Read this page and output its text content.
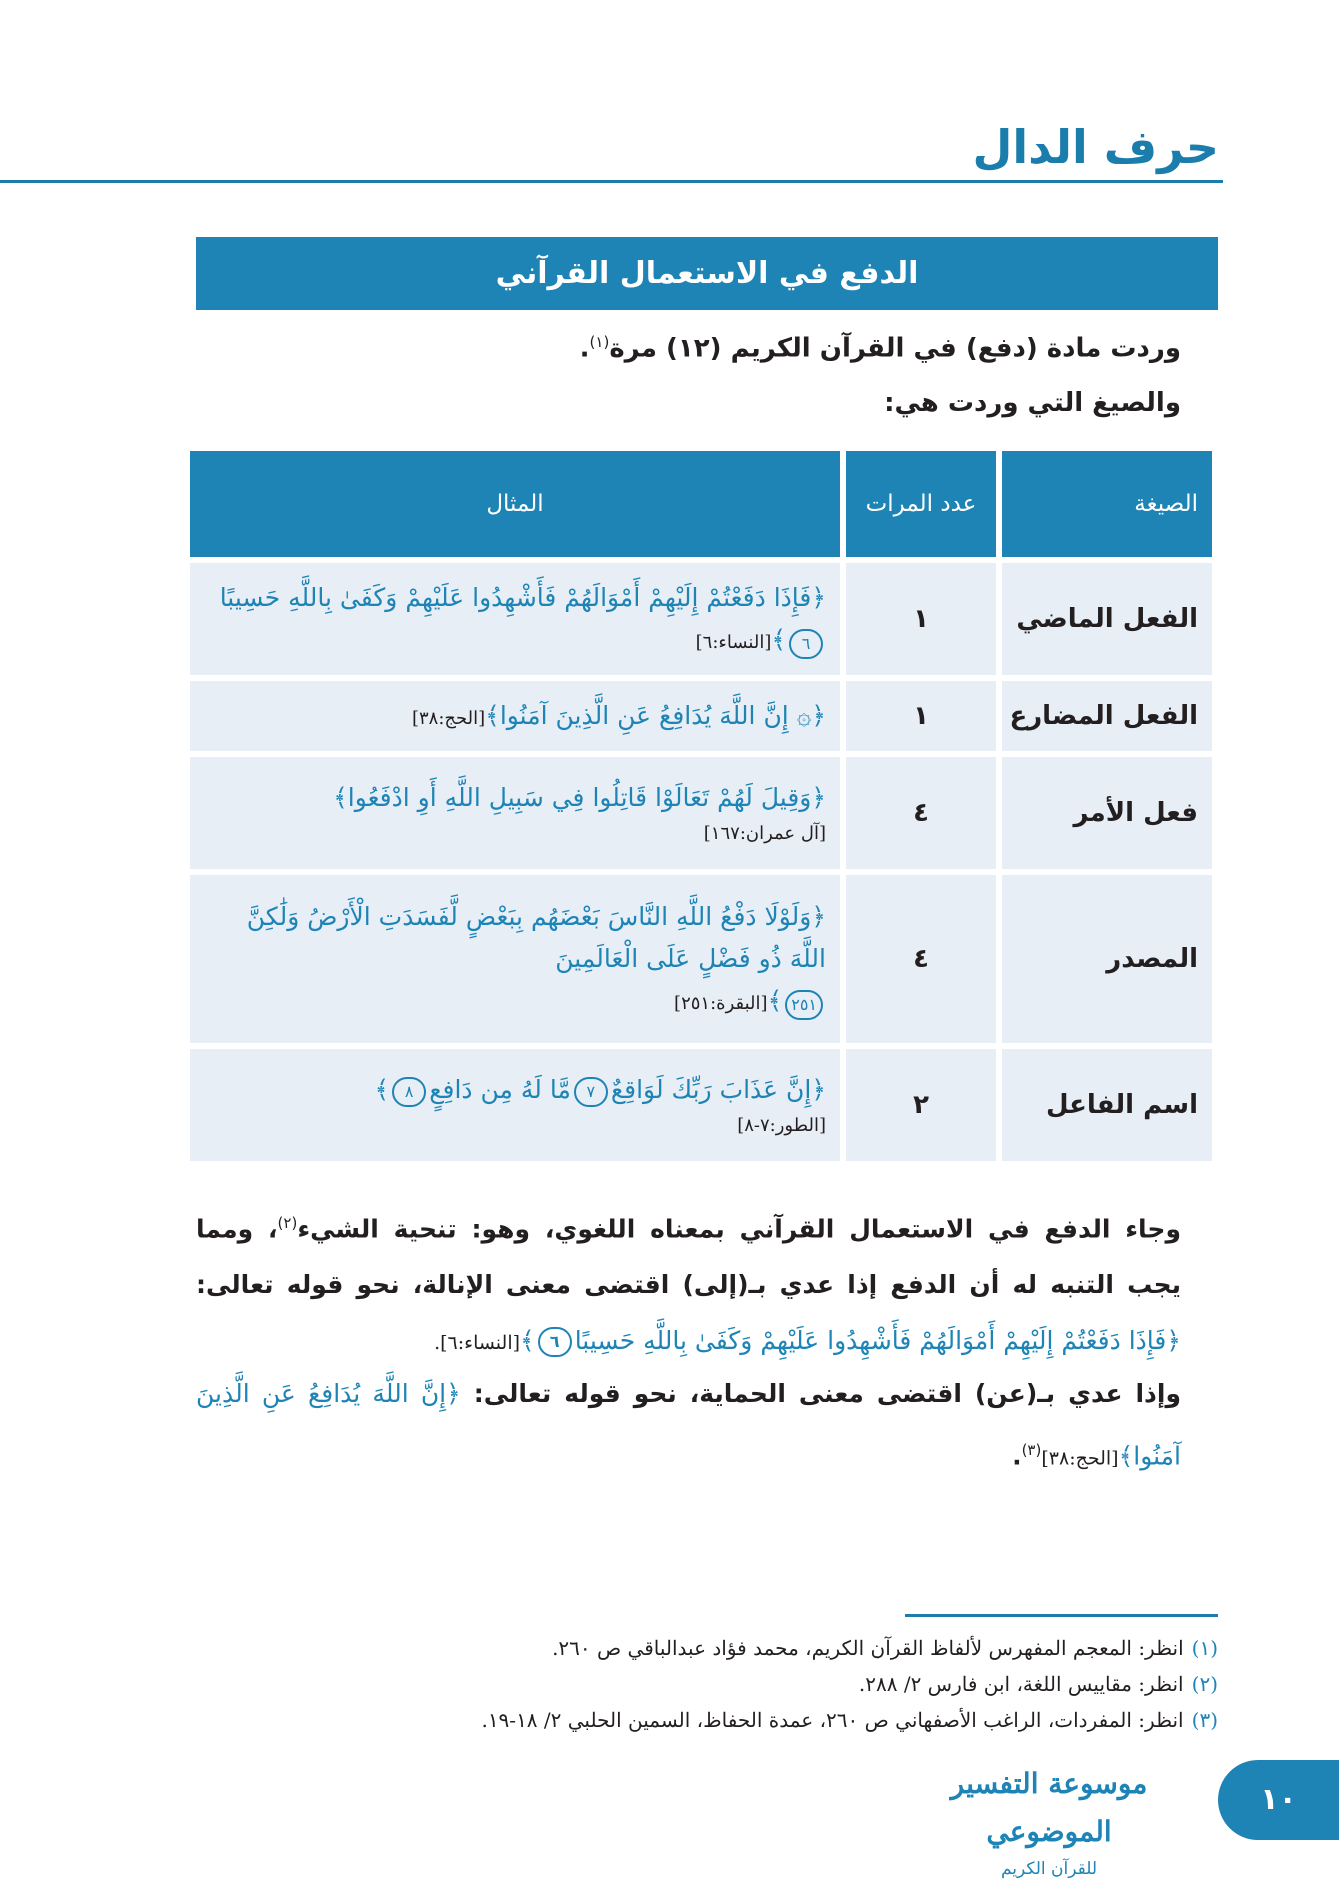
حرف الدال
الدفع في الاستعمال القرآني
وردت مادة (دفع) في القرآن الكريم (١٢) مرة$^{(١)}$.
والصيغ التي وردت هي:
الصيغة	عدد المرات	المثال
الفعل الماضي	١	﴿فَإِذَا دَفَعْتُمْ إِلَيْهِمْ أَمْوَالَهُمْ فَأَشْهِدُوا عَلَيْهِمْ وَكَفَىٰ بِاللَّهِ حَسِيبًا
٦﴾[النساء:٦]

الفعل المضارع	١	﴿۞ إِنَّ اللَّهَ يُدَافِعُ عَنِ الَّذِينَ آمَنُوا﴾[الحج:٣٨]
فعل الأمر	٤	﴿وَقِيلَ لَهُمْ تَعَالَوْا قَاتِلُوا فِي سَبِيلِ اللَّهِ أَوِ ادْفَعُوا﴾
[آل عمران:١٦٧]

المصدر	٤	﴿وَلَوْلَا دَفْعُ اللَّهِ النَّاسَ بَعْضَهُم بِبَعْضٍ لَّفَسَدَتِ الْأَرْضُ وَلَٰكِنَّ اللَّهَ ذُو فَضْلٍ عَلَى الْعَالَمِينَ
٢٥١﴾[البقرة:٢٥١]

اسم الفاعل	٢	﴿إِنَّ عَذَابَ رَبِّكَ لَوَاقِعٌ٧مَّا لَهُ مِن دَافِعٍ٨﴾
[الطور:٧-٨]
وجاء الدفع في الاستعمال القرآني بمعناه اللغوي، وهو: تنحية الشيء$^{(٢)}$، ومما يجب التنبه له أن الدفع إذا عدي بـ(إلى) اقتضى معنى الإنالة، نحو قوله تعالى: ﴿فَإِذَا دَفَعْتُمْ إِلَيْهِمْ أَمْوَالَهُمْ فَأَشْهِدُوا عَلَيْهِمْ وَكَفَىٰ بِاللَّهِ حَسِيبًا٦﴾[النساء:٦].
وإذا عدي بـ(عن) اقتضى معنى الحماية، نحو قوله تعالى: ﴿إِنَّ اللَّهَ يُدَافِعُ عَنِ الَّذِينَ آمَنُوا﴾[الحج:٣٨]$^{(٣)}$.
(١)انظر: المعجم المفهرس لألفاظ القرآن الكريم، محمد فؤاد عبدالباقي ص ٢٦٠.
(٢)انظر: مقاييس اللغة، ابن فارس ٢/ ٢٨٨.
(٣)انظر: المفردات، الراغب الأصفهاني ص ٢٦٠، عمدة الحفاظ، السمين الحلبي ٢/ ١٨-١٩.
موسوعة التفسير الموضوعي
للقرآن الكريم
١٠
